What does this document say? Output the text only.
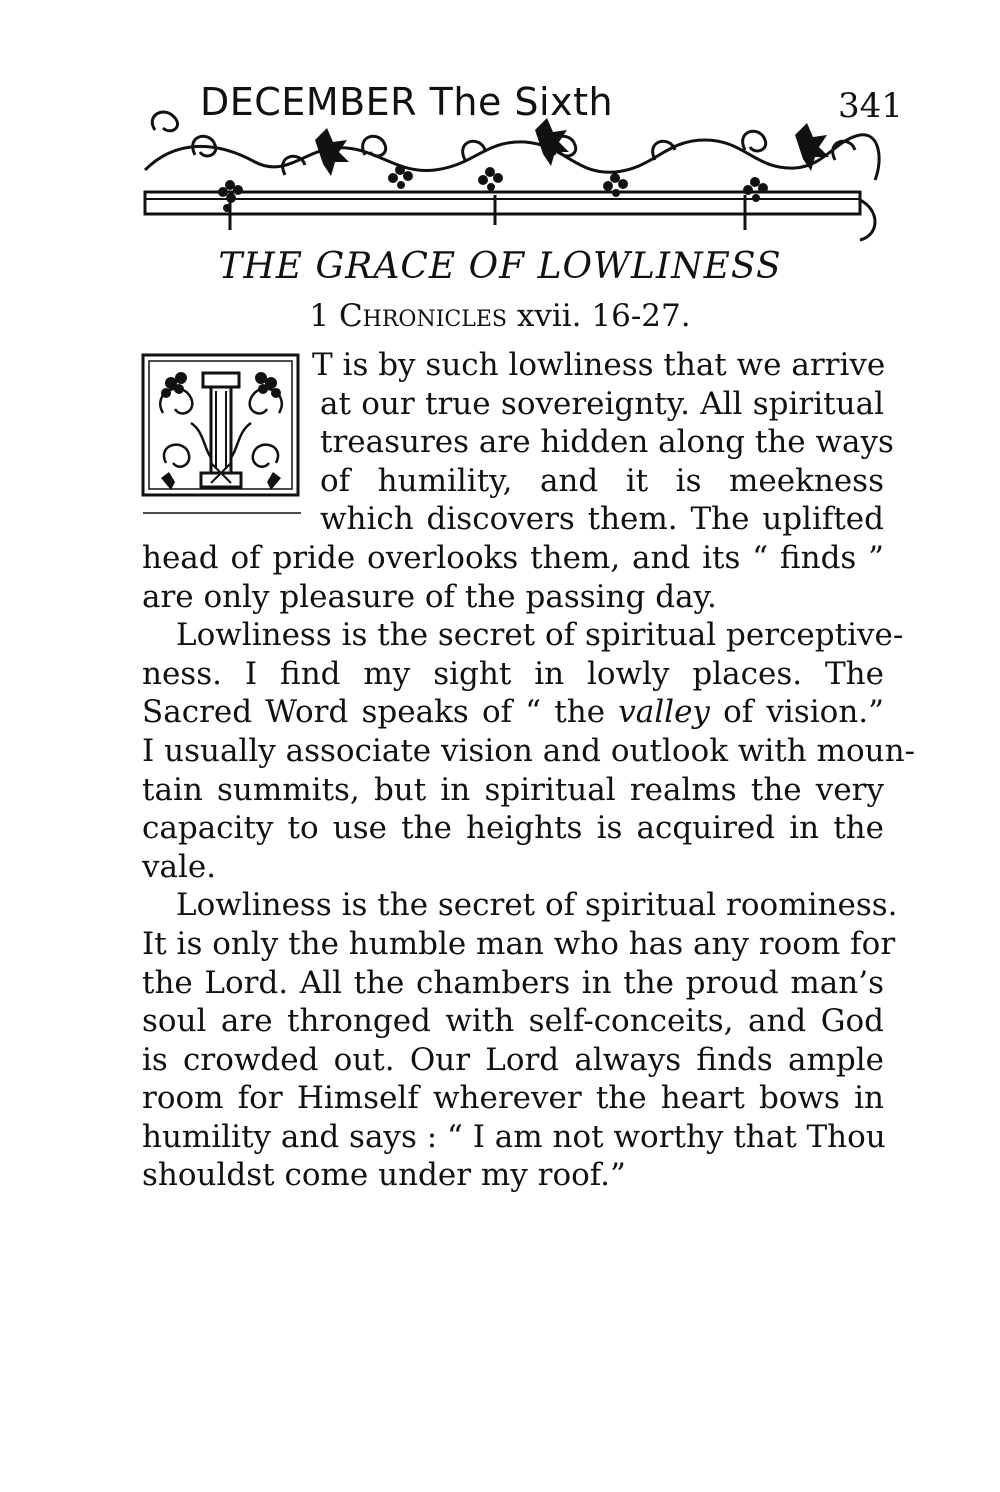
DECEMBER The Sixth	341
THE GRACE OF LOWLINESS
1 Chronicles xvii. 16-27.

T is by such lowliness that we arrive
at our true sovereignty. All spiritual
treasures are hidden along the ways
of humility, and it is meekness
which discovers them. The uplifted
head of pride overlooks them, and its “ finds ”
are only pleasure of the passing day.

Lowliness is the secret of spiritual perceptive-
ness. I find my sight in lowly places. The
Sacred Word speaks of “ the valley of vision.”
I usually associate vision and outlook with moun-
tain summits, but in spiritual realms the very
capacity to use the heights is acquired in the
vale.

Lowliness is the secret of spiritual roominess.
It is only the humble man who has any room for
the Lord. All the chambers in the proud man’s
soul are thronged with self-conceits, and God
is crowded out. Our Lord always finds ample
room for Himself wherever the heart bows in
humility and says : “ I am not worthy that Thou
shouldst come under my roof.”
